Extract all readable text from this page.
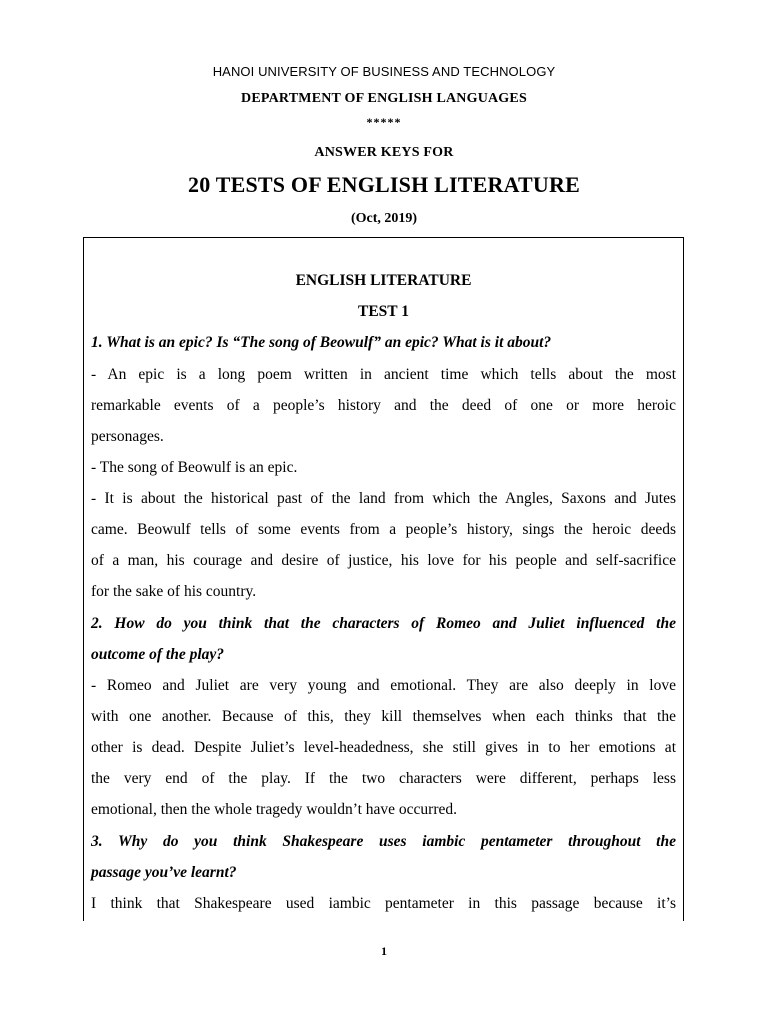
HANOI UNIVERSITY OF BUSINESS AND TECHNOLOGY
DEPARTMENT OF ENGLISH LANGUAGES
*****
ANSWER KEYS FOR
20 TESTS OF ENGLISH LITERATURE
(Oct, 2019)
ENGLISH LITERATURE
TEST 1
1. What is an epic? Is “The song of Beowulf” an epic? What is it about?
- An epic is a long poem written in ancient time which tells about the most
remarkable events of a people’s history and the deed of one or more heroic
personages.
- The song of Beowulf is an epic.
- It is about the historical past of the land from which the Angles, Saxons and Jutes
came. Beowulf tells of some events from a people’s history, sings the heroic deeds
of a man, his courage and desire of justice, his love for his people and self-sacrifice
for the sake of his country.
2. How do you think that the characters of Romeo and Juliet influenced the
outcome of the play?
- Romeo and Juliet are very young and emotional. They are also deeply in love
with one another. Because of this, they kill themselves when each thinks that the
other is dead. Despite Juliet’s level-headedness, she still gives in to her emotions at
the very end of the play. If the two characters were different, perhaps less
emotional, then the whole tragedy wouldn’t have occurred.
3. Why do you think Shakespeare uses iambic pentameter throughout the
passage you’ve learnt?
I think that Shakespeare used iambic pentameter in this passage because it’s
1
